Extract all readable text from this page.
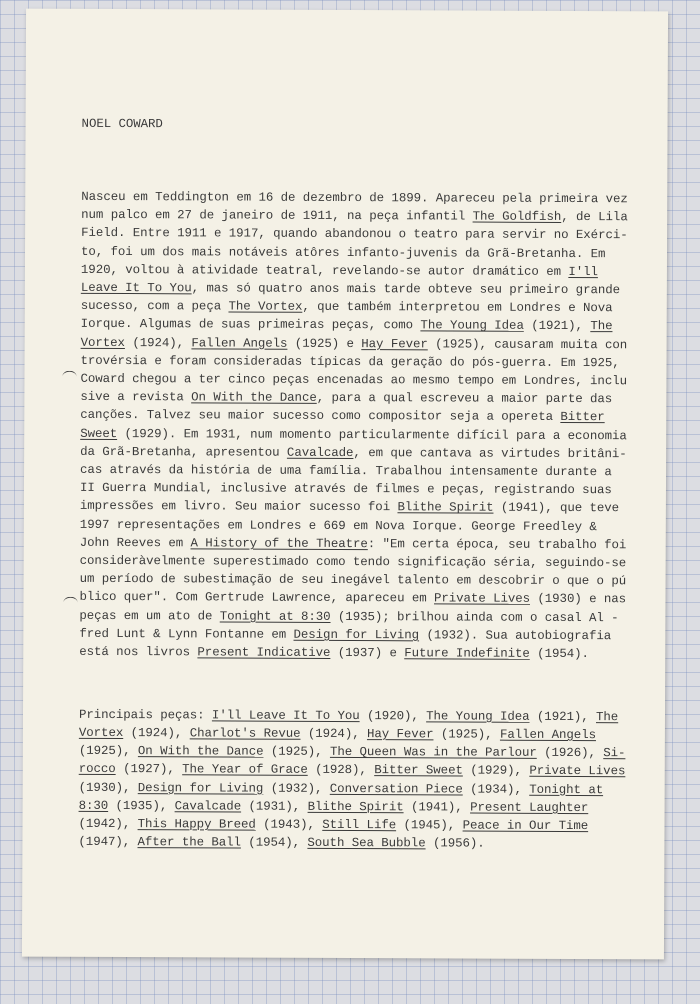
NOEL COWARD

Nasceu em Teddington em 16 de dezembro de 1899. Apareceu pela primeira vez
num palco em 27 de janeiro de 1911, na peça infantil The Goldfish, de Lila
Field. Entre 1911 e 1917, quando abandonou o teatro para servir no Exérci-
to, foi um dos mais notáveis atôres infanto-juvenis da Grã-Bretanha. Em
1920, voltou à atividade teatral, revelando-se autor dramático em I'll
Leave It To You, mas só quatro anos mais tarde obteve seu primeiro grande
sucesso, com a peça The Vortex, que também interpretou em Londres e Nova
Iorque. Algumas de suas primeiras peças, como The Young Idea (1921), The
Vortex (1924), Fallen Angels (1925) e Hay Fever (1925), causaram muita con
trovérsia e foram consideradas típicas da geração do pós-guerra. Em 1925,
Coward chegou a ter cinco peças encenadas ao mesmo tempo em Londres, inclu
sive a revista On With the Dance, para a qual escreveu a maior parte das
canções. Talvez seu maior sucesso como compositor seja a opereta Bitter
Sweet (1929). Em 1931, num momento particularmente difícil para a economia
da Grã-Bretanha, apresentou Cavalcade, em que cantava as virtudes britâni-
cas através da história de uma família. Trabalhou intensamente durante a
II Guerra Mundial, inclusive através de filmes e peças, registrando suas
impressões em livro. Seu maior sucesso foi Blithe Spirit (1941), que teve
1997 representações em Londres e 669 em Nova Iorque. George Freedley &
John Reeves em A History of the Theatre: "Em certa época, seu trabalho foi
consideràvelmente superestimado como tendo significação séria, seguindo-se
um período de subestimação de seu inegável talento em descobrir o que o pú
blico quer". Com Gertrude Lawrence, apareceu em Private Lives (1930) e nas
peças em um ato de Tonight at 8:30 (1935); brilhou ainda com o casal Al -
fred Lunt & Lynn Fontanne em Design for Living (1932). Sua autobiografia
está nos livros Present Indicative (1937) e Future Indefinite (1954).

Principais peças: I'll Leave It To You (1920), The Young Idea (1921), The
Vortex (1924), Charlot's Revue (1924), Hay Fever (1925), Fallen Angels
(1925), On With the Dance (1925), The Queen Was in the Parlour (1926), Si-
rocco (1927), The Year of Grace (1928), Bitter Sweet (1929), Private Lives
(1930), Design for Living (1932), Conversation Piece (1934), Tonight at
8:30 (1935), Cavalcade (1931), Blithe Spirit (1941), Present Laughter
(1942), This Happy Breed (1943), Still Life (1945), Peace in Our Time
(1947), After the Ball (1954), South Sea Bubble (1956).
